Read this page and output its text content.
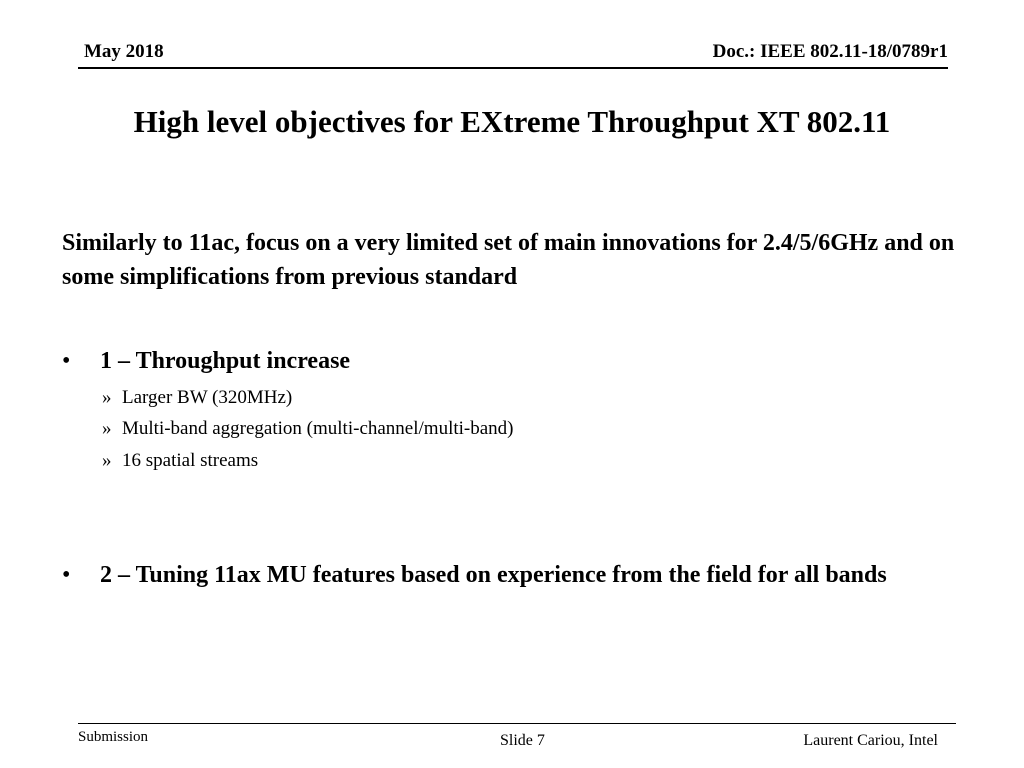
May 2018	Doc.: IEEE 802.11-18/0789r1
High level objectives for EXtreme Throughput XT 802.11
Similarly to 11ac, focus on a very limited set of main innovations for 2.4/5/6GHz and on some simplifications from previous standard
• 1 – Throughput increase
» Larger BW (320MHz)
» Multi-band aggregation (multi-channel/multi-band)
» 16 spatial streams
• 2 – Tuning 11ax MU features based on experience from the field for all bands
Submission	Slide 7	Laurent Cariou, Intel
